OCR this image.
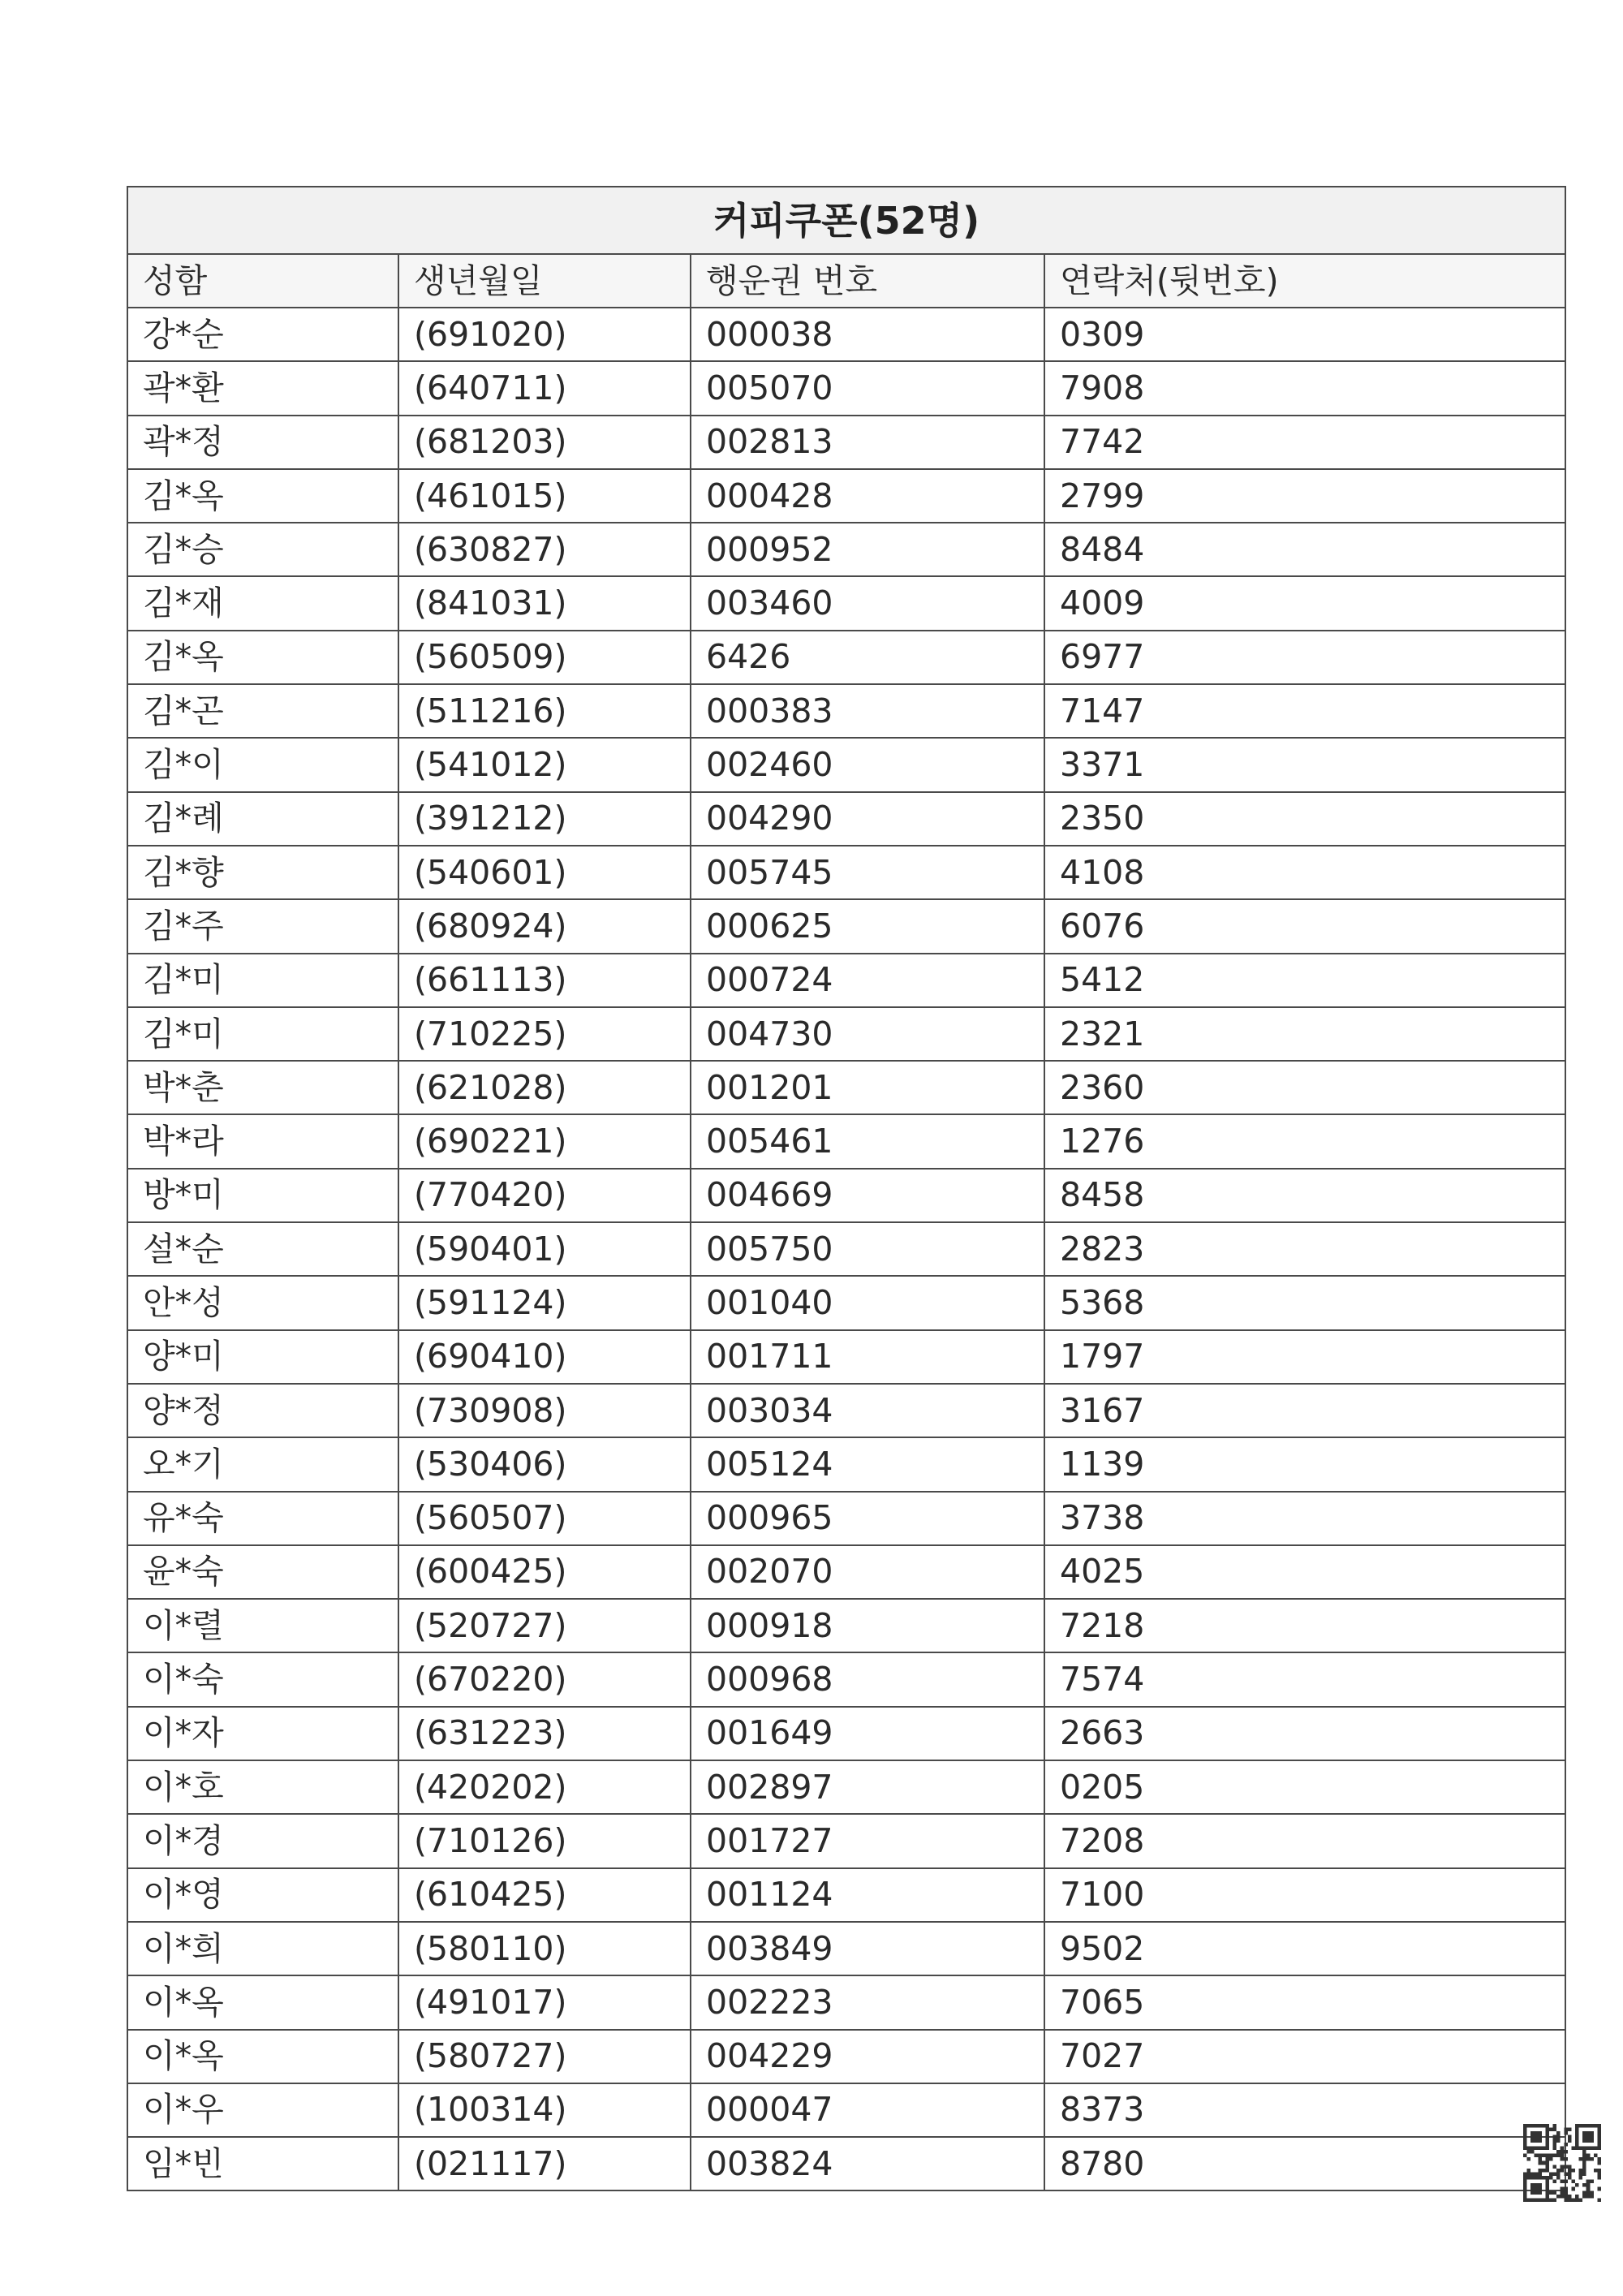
커피쿠폰(52명)			
성함	생년월일	행운권 번호	연락처(뒷번호)
강*순	(691020)	000038	0309
곽*환	(640711)	005070	7908
곽*정	(681203)	002813	7742
김*옥	(461015)	000428	2799
김*승	(630827)	000952	8484
김*재	(841031)	003460	4009
김*옥	(560509)	6426	6977
김*곤	(511216)	000383	7147
김*이	(541012)	002460	3371
김*례	(391212)	004290	2350
김*향	(540601)	005745	4108
김*주	(680924)	000625	6076
김*미	(661113)	000724	5412
김*미	(710225)	004730	2321
박*춘	(621028)	001201	2360
박*라	(690221)	005461	1276
방*미	(770420)	004669	8458
설*순	(590401)	005750	2823
안*성	(591124)	001040	5368
양*미	(690410)	001711	1797
양*정	(730908)	003034	3167
오*기	(530406)	005124	1139
유*숙	(560507)	000965	3738
윤*숙	(600425)	002070	4025
이*렬	(520727)	000918	7218
이*숙	(670220)	000968	7574
이*자	(631223)	001649	2663
이*호	(420202)	002897	0205
이*경	(710126)	001727	7208
이*영	(610425)	001124	7100
이*희	(580110)	003849	9502
이*옥	(491017)	002223	7065
이*옥	(580727)	004229	7027
이*우	(100314)	000047	8373
임*빈	(021117)	003824	8780
